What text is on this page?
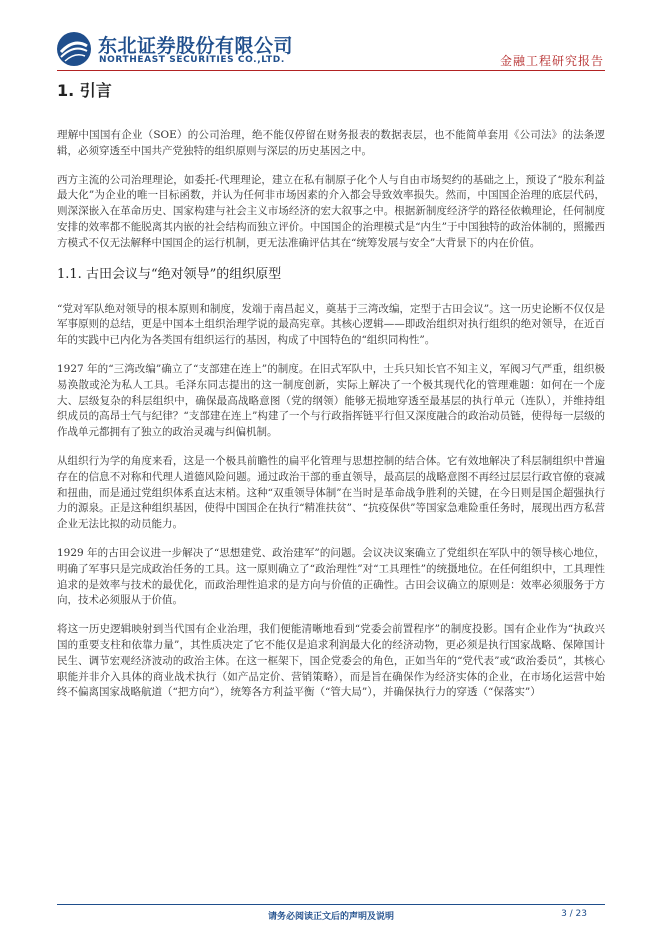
东北证券股份有限公司
NORTHEAST SECURITIES CO.,LTD.	金融工程研究报告
1. 引言

理解中国国有企业（SOE）的公司治理，绝不能仅停留在财务报表的数据表层，也不能简单套用《公司法》的法条逻辑，必须穿透至中国共产党独特的组织原则与深层的历史基因之中。

西方主流的公司治理理论，如委托-代理理论，建立在私有制原子化个人与自由市场契约的基础之上，预设了“股东利益最大化”为企业的唯一目标函数，并认为任何非市场因素的介入都会导致效率损失。然而，中国国企治理的底层代码，则深深嵌入在革命历史、国家构建与社会主义市场经济的宏大叙事之中。根据新制度经济学的路径依赖理论，任何制度安排的效率都不能脱离其内嵌的社会结构而独立评价。中国国企的治理模式是“内生”于中国独特的政治体制的，照搬西方模式不仅无法解释中国国企的运行机制，更无法准确评估其在“统筹发展与安全”大背景下的内在价值。

1.1. 古田会议与“绝对领导”的组织原型

“党对军队绝对领导的根本原则和制度，发端于南昌起义，奠基于三湾改编，定型于古田会议”。这一历史论断不仅仅是军事原则的总结，更是中国本土组织治理学说的最高宪章。其核心逻辑——即政治组织对执行组织的绝对领导，在近百年的实践中已内化为各类国有组织运行的基因，构成了中国特色的“组织同构性”。

1927 年的“三湾改编”确立了“支部建在连上”的制度。在旧式军队中，士兵只知长官不知主义，军阀习气严重，组织极易涣散或沦为私人工具。毛泽东同志提出的这一制度创新，实际上解决了一个极其现代化的管理难题：如何在一个庞大、层级复杂的科层组织中，确保最高战略意图（党的纲领）能够无损地穿透至最基层的执行单元（连队），并维持组织成员的高昂士气与纪律？“支部建在连上”构建了一个与行政指挥链平行但又深度融合的政治动员链，使得每一层级的作战单元都拥有了独立的政治灵魂与纠偏机制。

从组织行为学的角度来看，这是一个极具前瞻性的扁平化管理与思想控制的结合体。它有效地解决了科层制组织中普遍存在的信息不对称和代理人道德风险问题。通过政治干部的垂直领导，最高层的战略意图不再经过层层行政官僚的衰减和扭曲，而是通过党组织体系直达末梢。这种“双重领导体制”在当时是革命战争胜利的关键，在今日则是国企超强执行力的源泉。正是这种组织基因，使得中国国企在执行“精准扶贫”、“抗疫保供”等国家急难险重任务时，展现出西方私营企业无法比拟的动员能力。

1929 年的古田会议进一步解决了“思想建党、政治建军”的问题。会议决议案确立了党组织在军队中的领导核心地位，明确了军事只是完成政治任务的工具。这一原则确立了“政治理性”对“工具理性”的统摄地位。在任何组织中，工具理性追求的是效率与技术的最优化，而政治理性追求的是方向与价值的正确性。古田会议确立的原则是：效率必须服务于方向，技术必须服从于价值。

将这一历史逻辑映射到当代国有企业治理，我们便能清晰地看到“党委会前置程序”的制度投影。国有企业作为“执政兴国的重要支柱和依靠力量”，其性质决定了它不能仅是追求利润最大化的经济动物，更必须是执行国家战略、保障国计民生、调节宏观经济波动的政治主体。在这一框架下，国企党委会的角色，正如当年的“党代表”或“政治委员”，其核心职能并非介入具体的商业战术执行（如产品定价、营销策略），而是旨在确保作为经济实体的企业，在市场化运营中始终不偏离国家战略航道（“把方向”），统筹各方利益平衡（“管大局”），并确保执行力的穿透（“保落实”）

请务必阅读正文后的声明及说明	3 / 23
